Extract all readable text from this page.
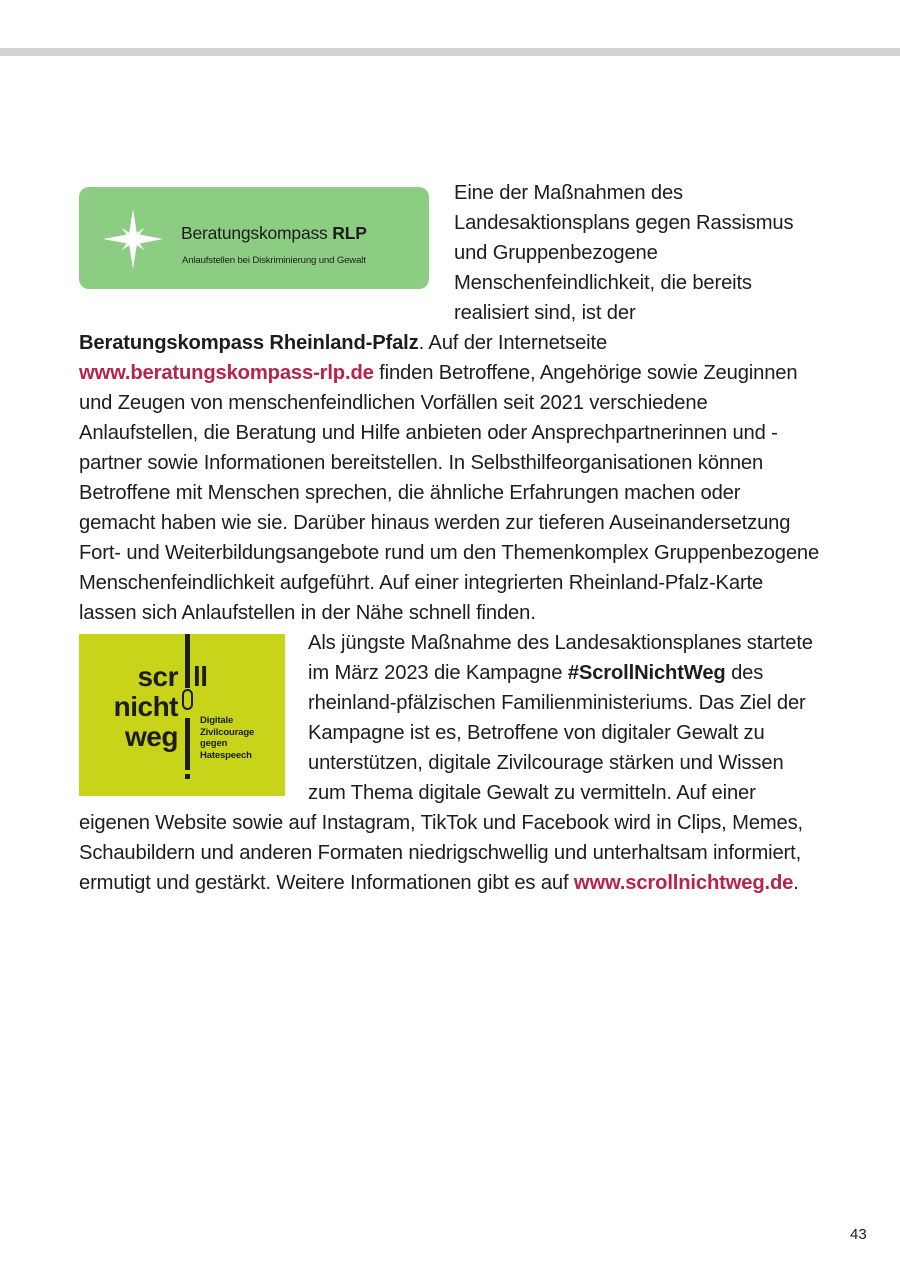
Beratungskompass RLP
Anlaufstellen bei Diskriminierung und Gewalt
Eine der Maßnahmen des Landesaktionsplans gegen Rassismus und Gruppenbezogene Menschenfeindlichkeit, die bereits realisiert sind, ist der Beratungskompass Rheinland-Pfalz. Auf der Internetseite www.beratungskompass-rlp.de finden Betroffene, Angehörige sowie Zeuginnen und Zeugen von menschenfeindlichen Vorfällen seit 2021 verschiedene Anlaufstellen, die Beratung und Hilfe anbieten oder Ansprechpartnerinnen und -partner sowie Informationen bereitstellen. In Selbsthilfeorganisationen können Betroffene mit Menschen sprechen, die ähnliche Erfahrungen machen oder gemacht haben wie sie. Darüber hinaus werden zur tieferen Auseinandersetzung Fort- und Weiterbildungsangebote rund um den Themenkomplex Gruppenbezogene Menschenfeindlichkeit aufgeführt. Auf einer integrierten Rheinland-Pfalz-Karte lassen sich Anlaufstellen in der Nähe schnell finden.

scr ll
nicht
weg
Digitale
Zivilcourage
gegen
Hatespeech
Als jüngste Maßnahme des Landesaktionsplanes startete im März 2023 die Kampagne #ScrollNichtWeg des rheinland-pfälzischen Familienministeriums. Das Ziel der Kampagne ist es, Betroffene von digitaler Gewalt zu unterstützen, digitale Zivilcourage stärken und Wissen zum Thema digitale Gewalt zu vermitteln. Auf einer eigenen Website sowie auf Instagram, TikTok und Facebook wird in Clips, Memes, Schaubildern und anderen Formaten niedrigschwellig und unterhaltsam informiert, ermutigt und gestärkt. Weitere Informationen gibt es auf www.scrollnichtweg.de.

43
